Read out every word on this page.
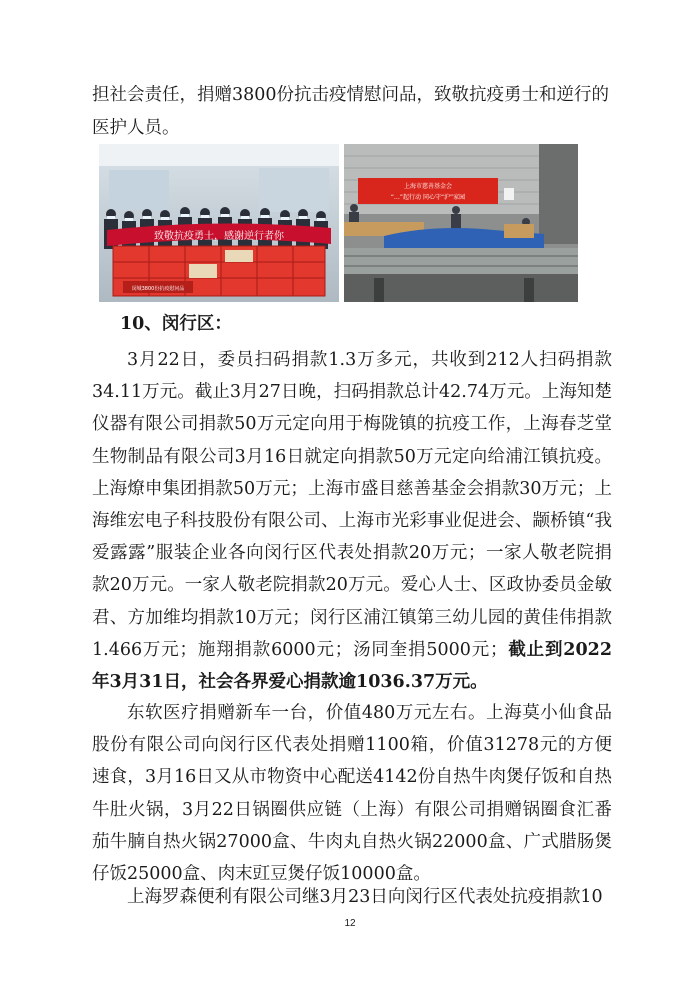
担社会责任，捐赠3800份抗击疫情慰问品，致敬抗疫勇士和逆行的
医护人员。
致敬抗疫勇士，感谢逆行者你
闵城3800份抗疫慰问品
上海市慈善基金会
“…”起行动 同心守“沪”家园
10、闵行区：
3月22日，委员扫码捐款1.3万多元，共收到212人扫码捐款34.11万元。截止3月27日晚，扫码捐款总计42.74万元。上海知楚仪器有限公司捐款50万元定向用于梅陇镇的抗疫工作，上海春芝堂生物制品有限公司3月16日就定向捐款50万元定向给浦江镇抗疫。上海燎申集团捐款50万元；上海市盛目慈善基金会捐款30万元；上海维宏电子科技股份有限公司、上海市光彩事业促进会、颛桥镇“我爱露露”服装企业各向闵行区代表处捐款20万元；一家人敬老院捐款20万元。一家人敬老院捐款20万元。爱心人士、区政协委员金敏君、方加维均捐款10万元；闵行区浦江镇第三幼儿园的黄佳伟捐款1.466万元；施翔捐款6000元；汤同奎捐5000元；截止到2022年3月31日，社会各界爱心捐款逾1036.37万元。
东软医疗捐赠新车一台，价值480万元左右。上海莫小仙食品股份有限公司向闵行区代表处捐赠1100箱，价值31278元的方便速食，3月16日又从市物资中心配送4142份自热牛肉煲仔饭和自热牛肚火锅，3月22日锅圈供应链（上海）有限公司捐赠锅圈食汇番茄牛腩自热火锅27000盒、牛肉丸自热火锅22000盒、广式腊肠煲仔饭25000盒、肉末豇豆煲仔饭10000盒。
上海罗森便利有限公司继3月23日向闵行区代表处抗疫捐款10
12
